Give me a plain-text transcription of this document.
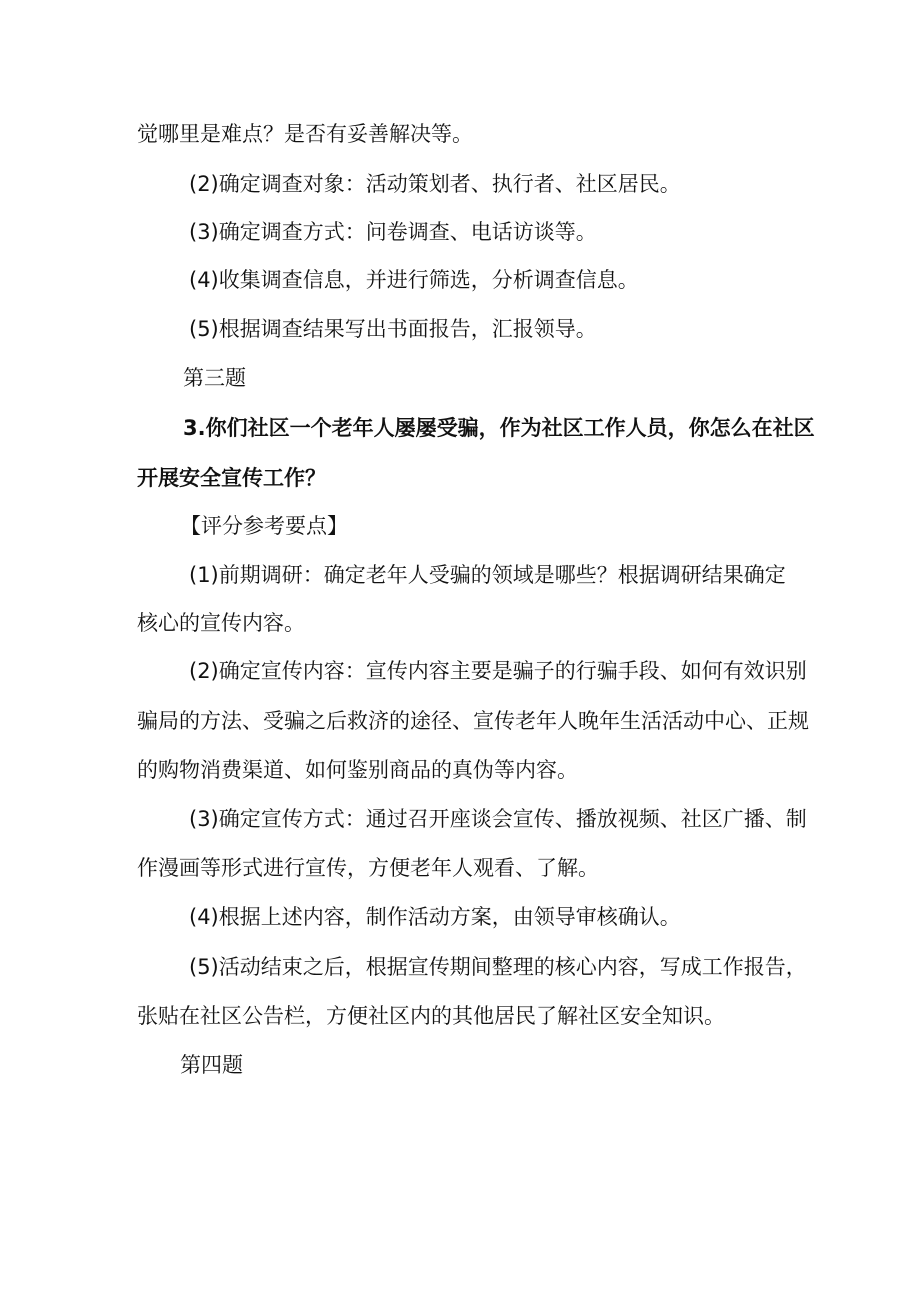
觉哪里是难点？是否有妥善解决等。
(2)确定调查对象：活动策划者、执行者、社区居民。
(3)确定调查方式：问卷调查、电话访谈等。
(4)收集调查信息，并进行筛选，分析调查信息。
(5)根据调查结果写出书面报告，汇报领导。
第三题
3.你们社区一个老年人屡屡受骗，作为社区工作人员，你怎么在社区
开展安全宣传工作？
【评分参考要点】
(1)前期调研：确定老年人受骗的领域是哪些？根据调研结果确定
核心的宣传内容。
(2)确定宣传内容：宣传内容主要是骗子的行骗手段、如何有效识别
骗局的方法、受骗之后救济的途径、宣传老年人晚年生活活动中心、正规
的购物消费渠道、如何鉴别商品的真伪等内容。
(3)确定宣传方式：通过召开座谈会宣传、播放视频、社区广播、制
作漫画等形式进行宣传，方便老年人观看、了解。
(4)根据上述内容，制作活动方案，由领导审核确认。
(5)活动结束之后，根据宣传期间整理的核心内容，写成工作报告，
张贴在社区公告栏，方便社区内的其他居民了解社区安全知识。
第四题
